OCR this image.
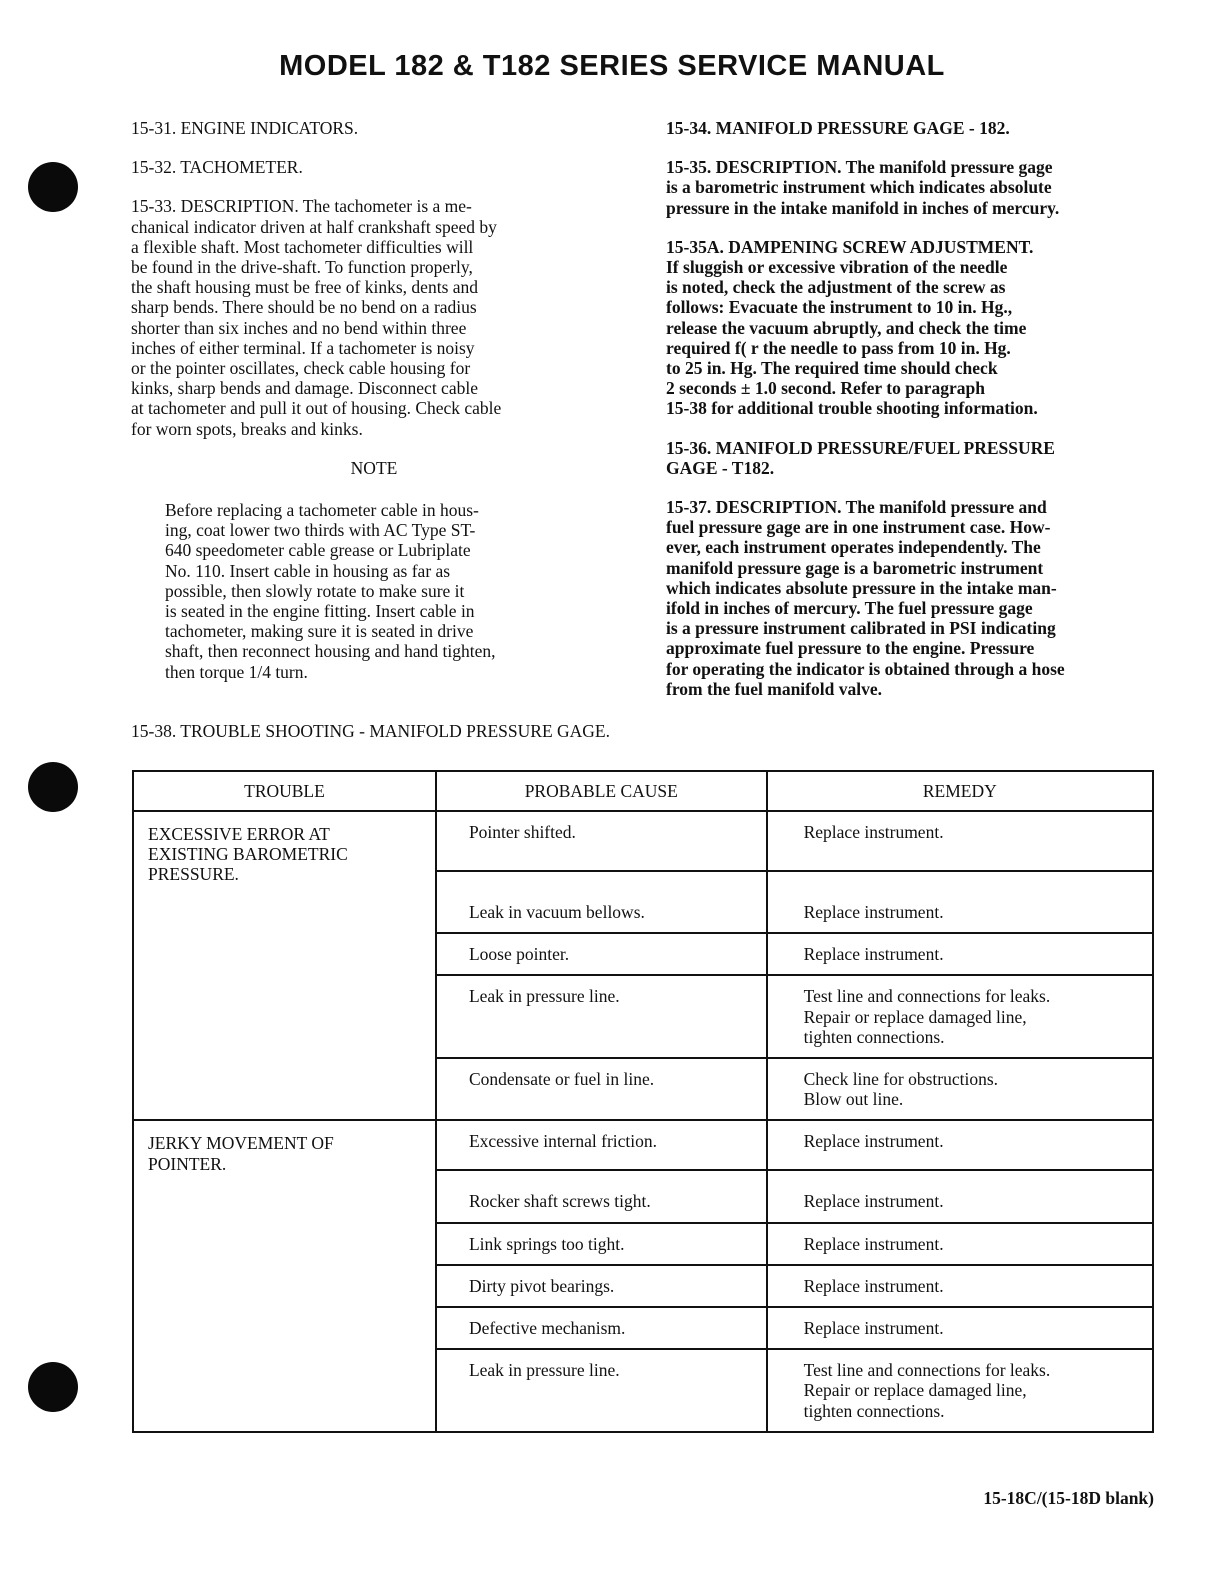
MODEL 182 & T182 SERIES SERVICE MANUAL

15-31. ENGINE INDICATORS.

15-32. TACHOMETER.

15-33. DESCRIPTION. The tachometer is a me-
chanical indicator driven at half crankshaft speed by
a flexible shaft. Most tachometer difficulties will
be found in the drive-shaft. To function properly,
the shaft housing must be free of kinks, dents and
sharp bends. There should be no bend on a radius
shorter than six inches and no bend within three
inches of either terminal. If a tachometer is noisy
or the pointer oscillates, check cable housing for
kinks, sharp bends and damage. Disconnect cable
at tachometer and pull it out of housing. Check cable
for worn spots, breaks and kinks.

NOTE

Before replacing a tachometer cable in hous-
ing, coat lower two thirds with AC Type ST-
640 speedometer cable grease or Lubriplate
No. 110. Insert cable in housing as far as
possible, then slowly rotate to make sure it
is seated in the engine fitting. Insert cable in
tachometer, making sure it is seated in drive
shaft, then reconnect housing and hand tighten,
then torque 1/4 turn.

15-34. MANIFOLD PRESSURE GAGE - 182.

15-35. DESCRIPTION. The manifold pressure gage
is a barometric instrument which indicates absolute
pressure in the intake manifold in inches of mercury.

15-35A. DAMPENING SCREW ADJUSTMENT.
If sluggish or excessive vibration of the needle
is noted, check the adjustment of the screw as
follows: Evacuate the instrument to 10 in. Hg.,
release the vacuum abruptly, and check the time
required f( r the needle to pass from 10 in. Hg.
to 25 in. Hg. The required time should check
2 seconds ± 1.0 second. Refer to paragraph
15-38 for additional trouble shooting information.

15-36. MANIFOLD PRESSURE/FUEL PRESSURE
GAGE - T182.

15-37. DESCRIPTION. The manifold pressure and
fuel pressure gage are in one instrument case. How-
ever, each instrument operates independently. The
manifold pressure gage is a barometric instrument
which indicates absolute pressure in the intake man-
ifold in inches of mercury. The fuel pressure gage
is a pressure instrument calibrated in PSI indicating
approximate fuel pressure to the engine. Pressure
for operating the indicator is obtained through a hose
from the fuel manifold valve.

15-38. TROUBLE SHOOTING - MANIFOLD PRESSURE GAGE.
TROUBLE	PROBABLE CAUSE	REMEDY
EXCESSIVE ERROR AT
EXISTING BAROMETRIC
PRESSURE.	Pointer shifted.	Replace instrument.
	Leak in vacuum bellows.	Replace instrument.
	Loose pointer.	Replace instrument.
	Leak in pressure line.	Test line and connections for leaks.
Repair or replace damaged line,
tighten connections.
	Condensate or fuel in line.	Check line for obstructions.
Blow out line.
JERKY MOVEMENT OF
POINTER.	Excessive internal friction.	Replace instrument.
	Rocker shaft screws tight.	Replace instrument.
	Link springs too tight.	Replace instrument.
	Dirty pivot bearings.	Replace instrument.
	Defective mechanism.	Replace instrument.
	Leak in pressure line.	Test line and connections for leaks.
Repair or replace damaged line,
tighten connections.
15-18C/(15-18D blank)
